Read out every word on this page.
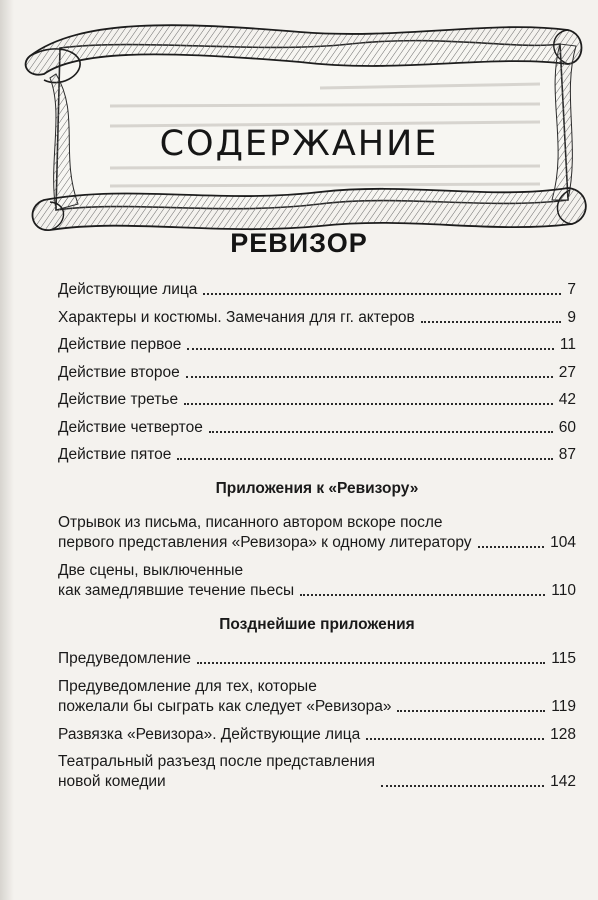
СОДЕРЖАНИЕ
РЕВИЗОР
Действующие лица	7
Характеры и костюмы. Замечания для гг. актеров	9
Действие первое	11
Действие второе	27
Действие третье	42
Действие четвертое	60
Действие пятое	87
Приложения к «Ревизору»
Отрывок из письма, писанного автором вскоре после
первого представления «Ревизора» к одному литератору	104
Две сцены, выключенные
как замедлявшие течение пьесы	110
Позднейшие приложения
Предуведомление	115
Предуведомление для тех, которые
пожелали бы сыграть как следует «Ревизора»	119
Развязка «Ревизора». Действующие лица	128
Театральный разъезд после представления
новой комедии	142
